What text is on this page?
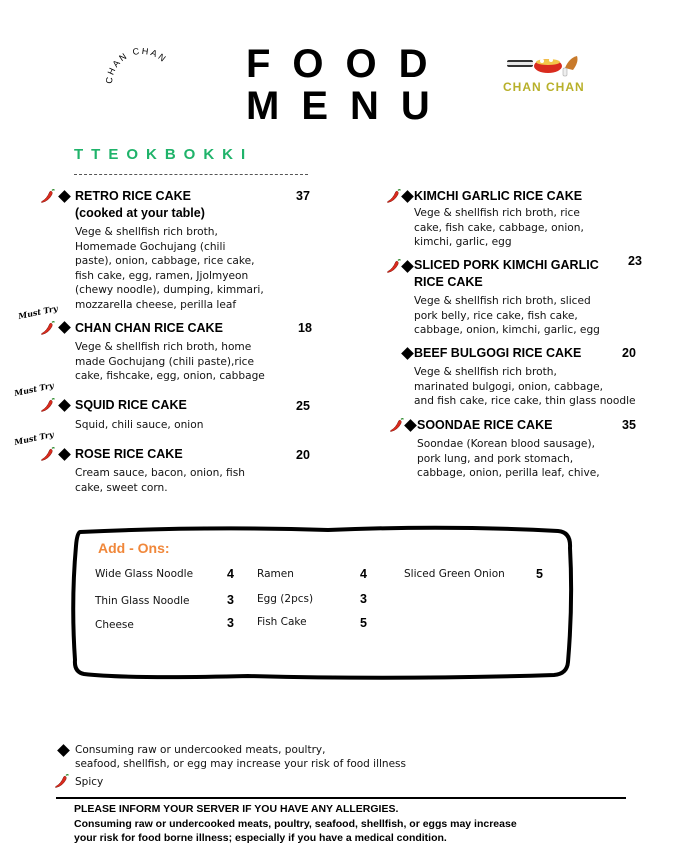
CHAN CHAN FOOD
MENU	CHAN CHAN
TTEOKBOKKI
RETRO RICE CAKE
(cooked at your table)
37
Vege & shellfish rich broth,
Homemade Gochujang (chili
paste), onion, cabbage, rice cake,
fish cake, egg, ramen, Jjolmyeon
(chewy noodle), dumping, kimmari,
mozzarella cheese, perilla leaf
Must Try
CHAN CHAN RICE CAKE	18
Vege & shellfish rich broth, home
made Gochujang (chili paste),rice
cake, fishcake, egg, onion, cabbage
Must Try
SQUID RICE CAKE	25
Squid, chili sauce, onion
Must Try
ROSE RICE CAKE	20
Cream sauce, bacon, onion, fish
cake, sweet corn.
KIMCHI GARLIC RICE CAKE
Vege & shellfish rich broth, rice
cake, fish cake, cabbage, onion,
kimchi, garlic, egg
SLICED PORK KIMCHI GARLIC
RICE CAKE
23
Vege & shellfish rich broth, sliced
pork belly, rice cake, fish cake,
cabbage, onion, kimchi, garlic, egg
BEEF BULGOGI RICE CAKE	20
Vege & shellfish rich broth,
marinated bulgogi, onion, cabbage,
and fish cake, rice cake, thin glass noodle
SOONDAE RICE CAKE	35
Soondae (Korean blood sausage),
pork lung, and pork stomach,
cabbage, onion, perilla leaf, chive,
Add - Ons:
Wide Glass Noodle	4
Thin Glass Noodle	3
Cheese	3
Ramen	4
Egg (2pcs)	3
Fish Cake	5
Sliced Green Onion 5
Consuming raw or undercooked meats, poultry,
seafood, shellfish, or egg may increase your risk of food illness
Spicy
PLEASE INFORM YOUR SERVER IF YOU HAVE ANY ALLERGIES.
Consuming raw or undercooked meats, poultry, seafood, shellfish, or eggs may increase
your risk for food borne illness; especially if you have a medical condition.
